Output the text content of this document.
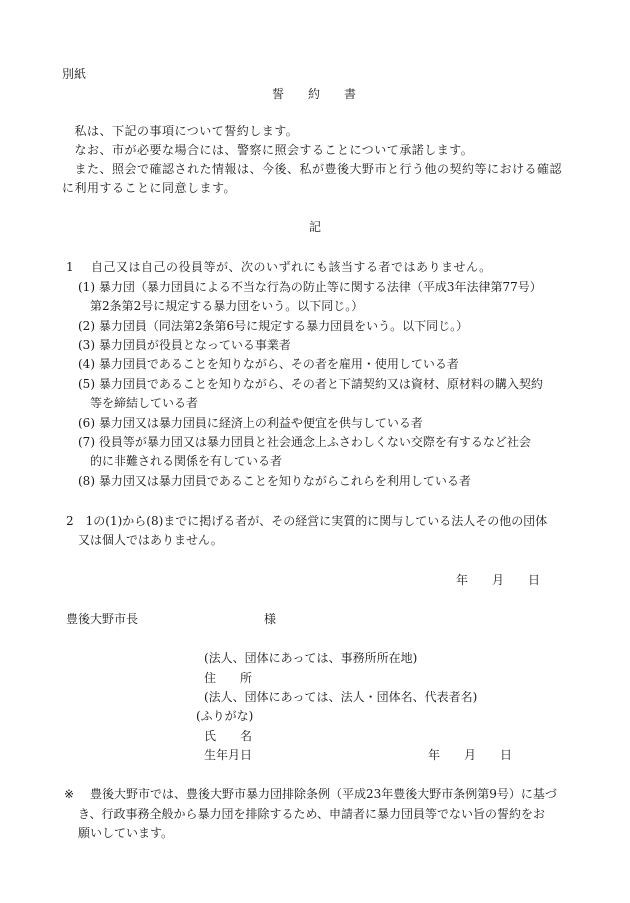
別紙
誓　　約　　書
　私は、下記の事項について誓約します。
　なお、市が必要な場合には、警察に照会することについて承諾します。
　また、照会で確認された情報は、今後、私が豊後大野市と行う他の契約等における確認
に利用することに同意します。
記
1　 自己又は自己の役員等が、次のいずれにも該当する者ではありません。
(1) 暴力団（暴力団員による不当な行為の防止等に関する法律（平成3年法律第77号）
　第2条第2号に規定する暴力団をいう。以下同じ。）
(2) 暴力団員（同法第2条第6号に規定する暴力団員をいう。以下同じ。）
(3) 暴力団員が役員となっている事業者
(4) 暴力団員であることを知りながら、その者を雇用・使用している者
(5) 暴力団員であることを知りながら、その者と下請契約又は資材、原材料の購入契約
　等を締結している者
(6) 暴力団又は暴力団員に経済上の利益や便宜を供与している者
(7) 役員等が暴力団又は暴力団員と社会通念上ふさわしくない交際を有するなど社会
　的に非難される関係を有している者
(8) 暴力団又は暴力団員であることを知りながらこれらを利用している者
2　1の(1)から(8)までに掲げる者が、その経営に実質的に関与している法人その他の団体
　又は個人ではありません。
年　　月　　日
豊後大野市長	様
(法人、団体にあっては、事務所所在地)
住　　所
(法人、団体にあっては、法人・団体名、代表者名)
(ふりがな)
氏　　名
生年月日	年　　月　　日
※ 豊後大野市では、豊後大野市暴力団排除条例（平成23年豊後大野市条例第9号）に基づ
き、行政事務全般から暴力団を排除するため、申請者に暴力団員等でない旨の誓約をお
願いしています。
